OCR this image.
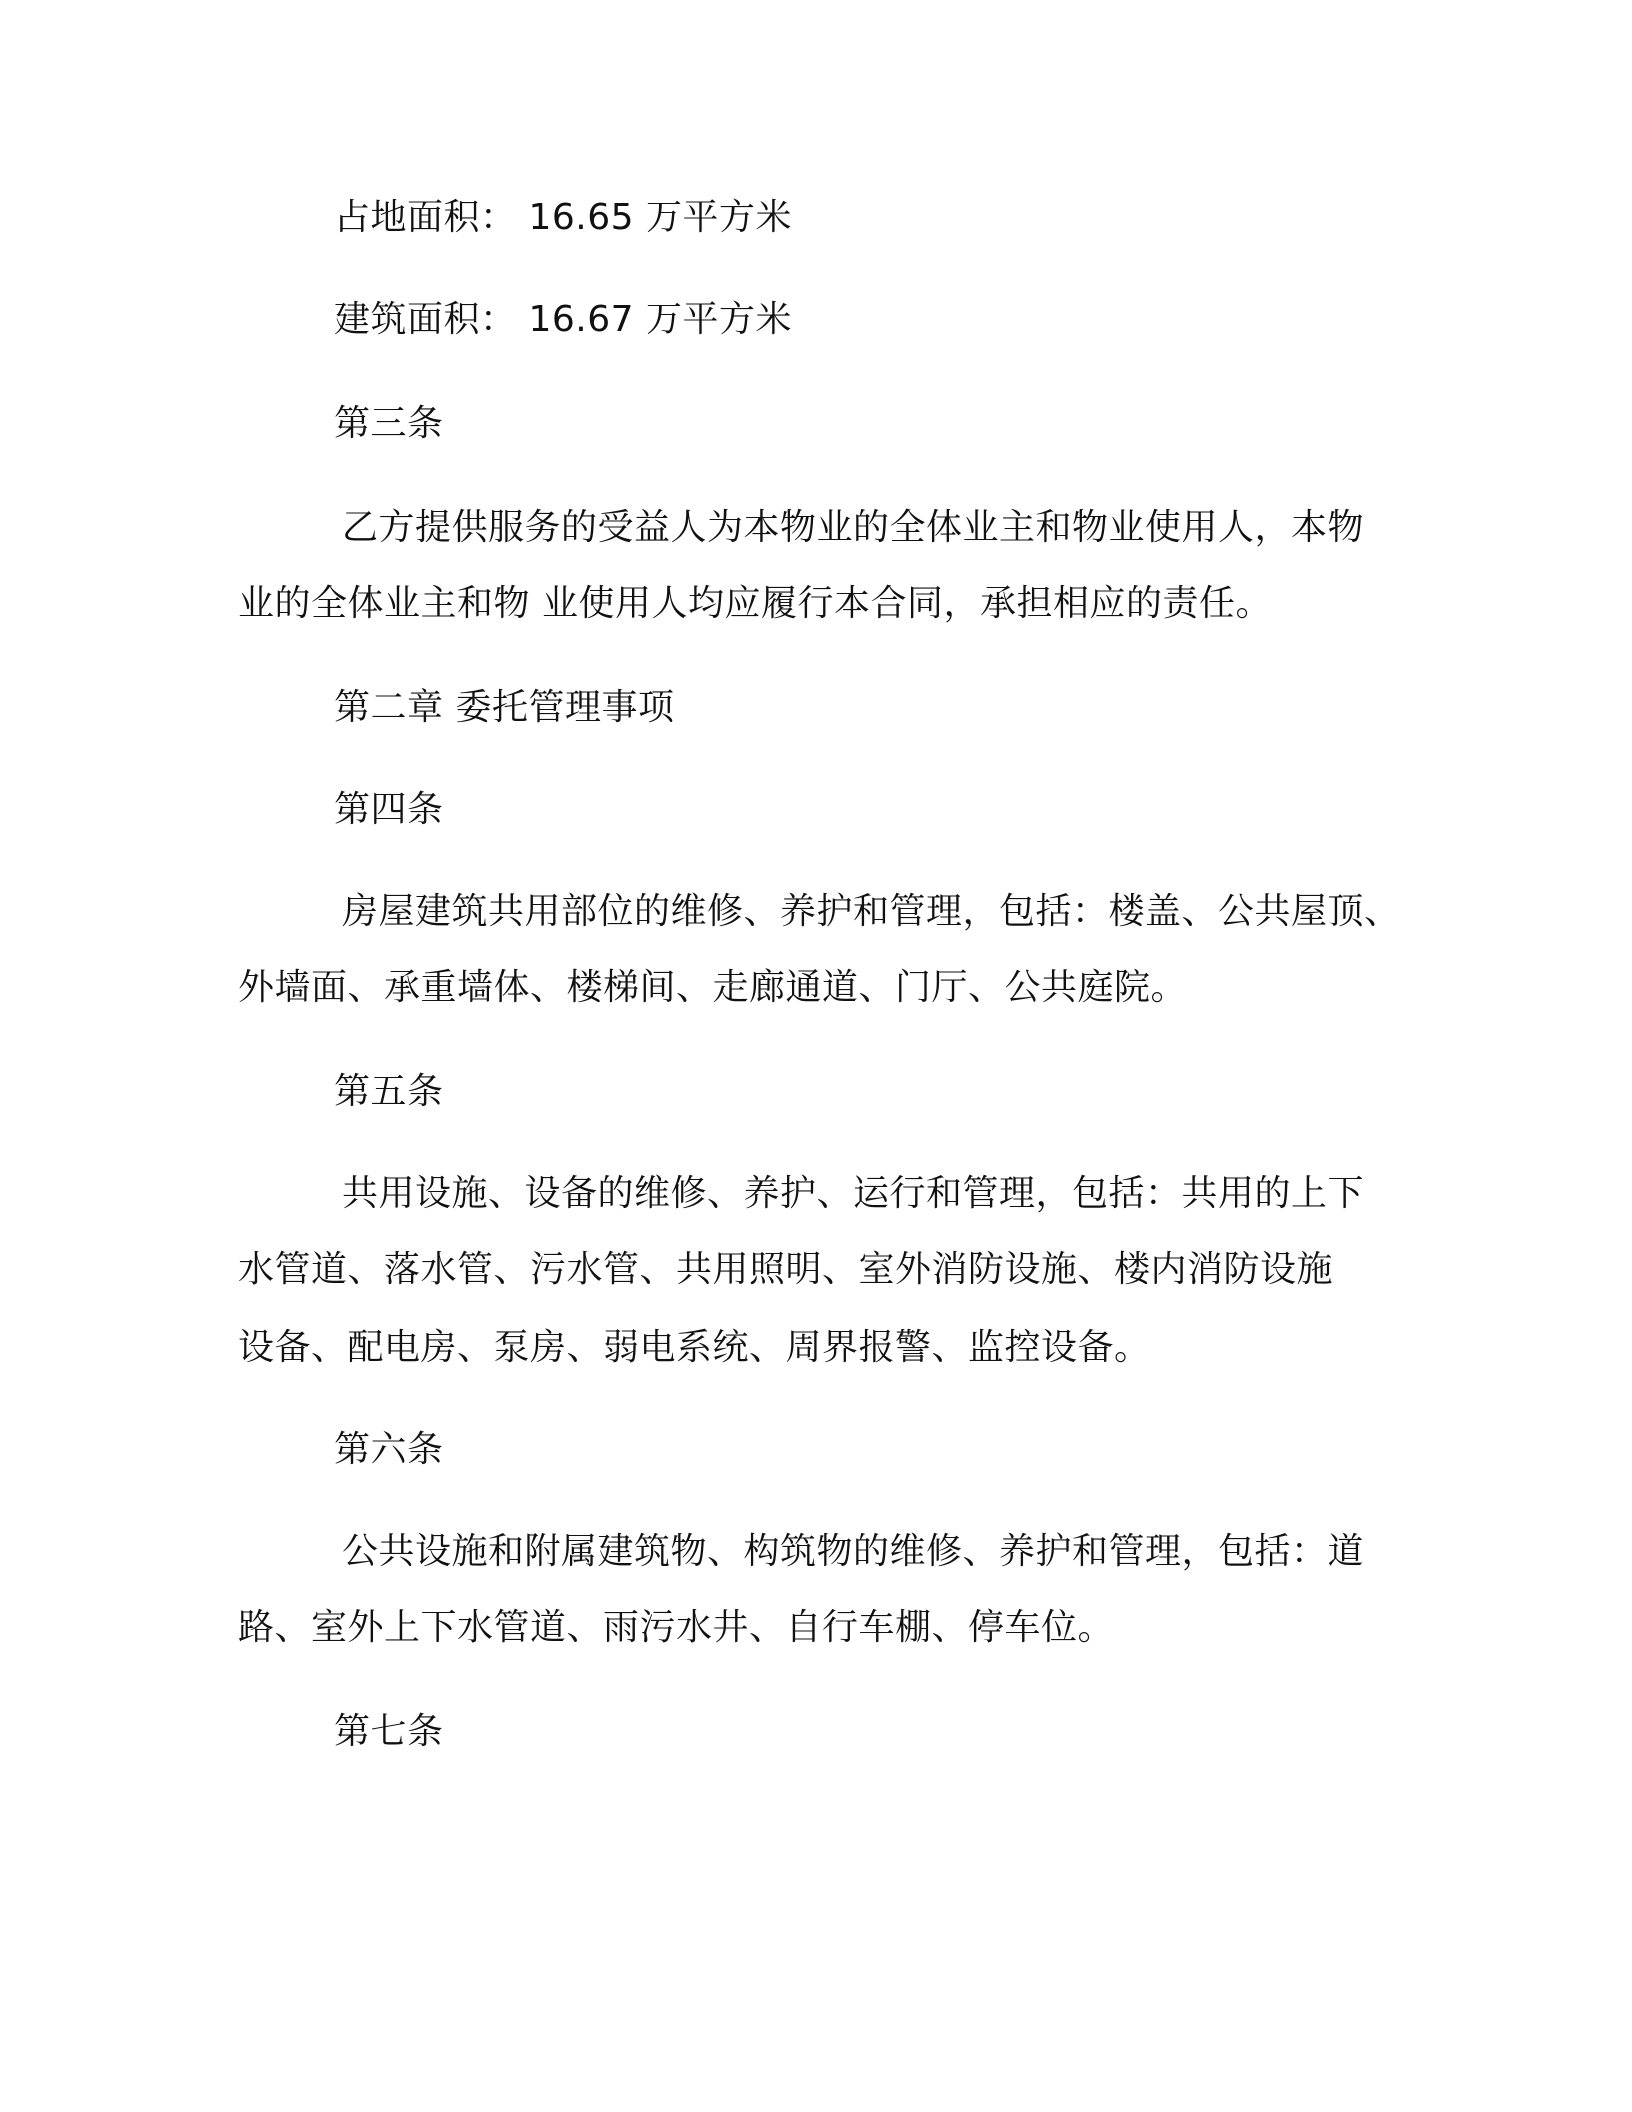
占地面积： 16.65 万平方米
建筑面积： 16.67 万平方米
第三条
乙方提供服务的受益人为本物业的全体业主和物业使用人，本物
业的全体业主和物 业使用人均应履行本合同，承担相应的责任。
第二章 委托管理事项
第四条
房屋建筑共用部位的维修、养护和管理，包括：楼盖、公共屋顶、
外墙面、承重墙体、楼梯间、走廊通道、门厅、公共庭院。
第五条
共用设施、设备的维修、养护、运行和管理，包括：共用的上下
水管道、落水管、污水管、共用照明、室外消防设施、楼内消防设施
设备、配电房、泵房、弱电系统、周界报警、监控设备。
第六条
公共设施和附属建筑物、构筑物的维修、养护和管理，包括：道
路、室外上下水管道、雨污水井、自行车棚、停车位。
第七条
